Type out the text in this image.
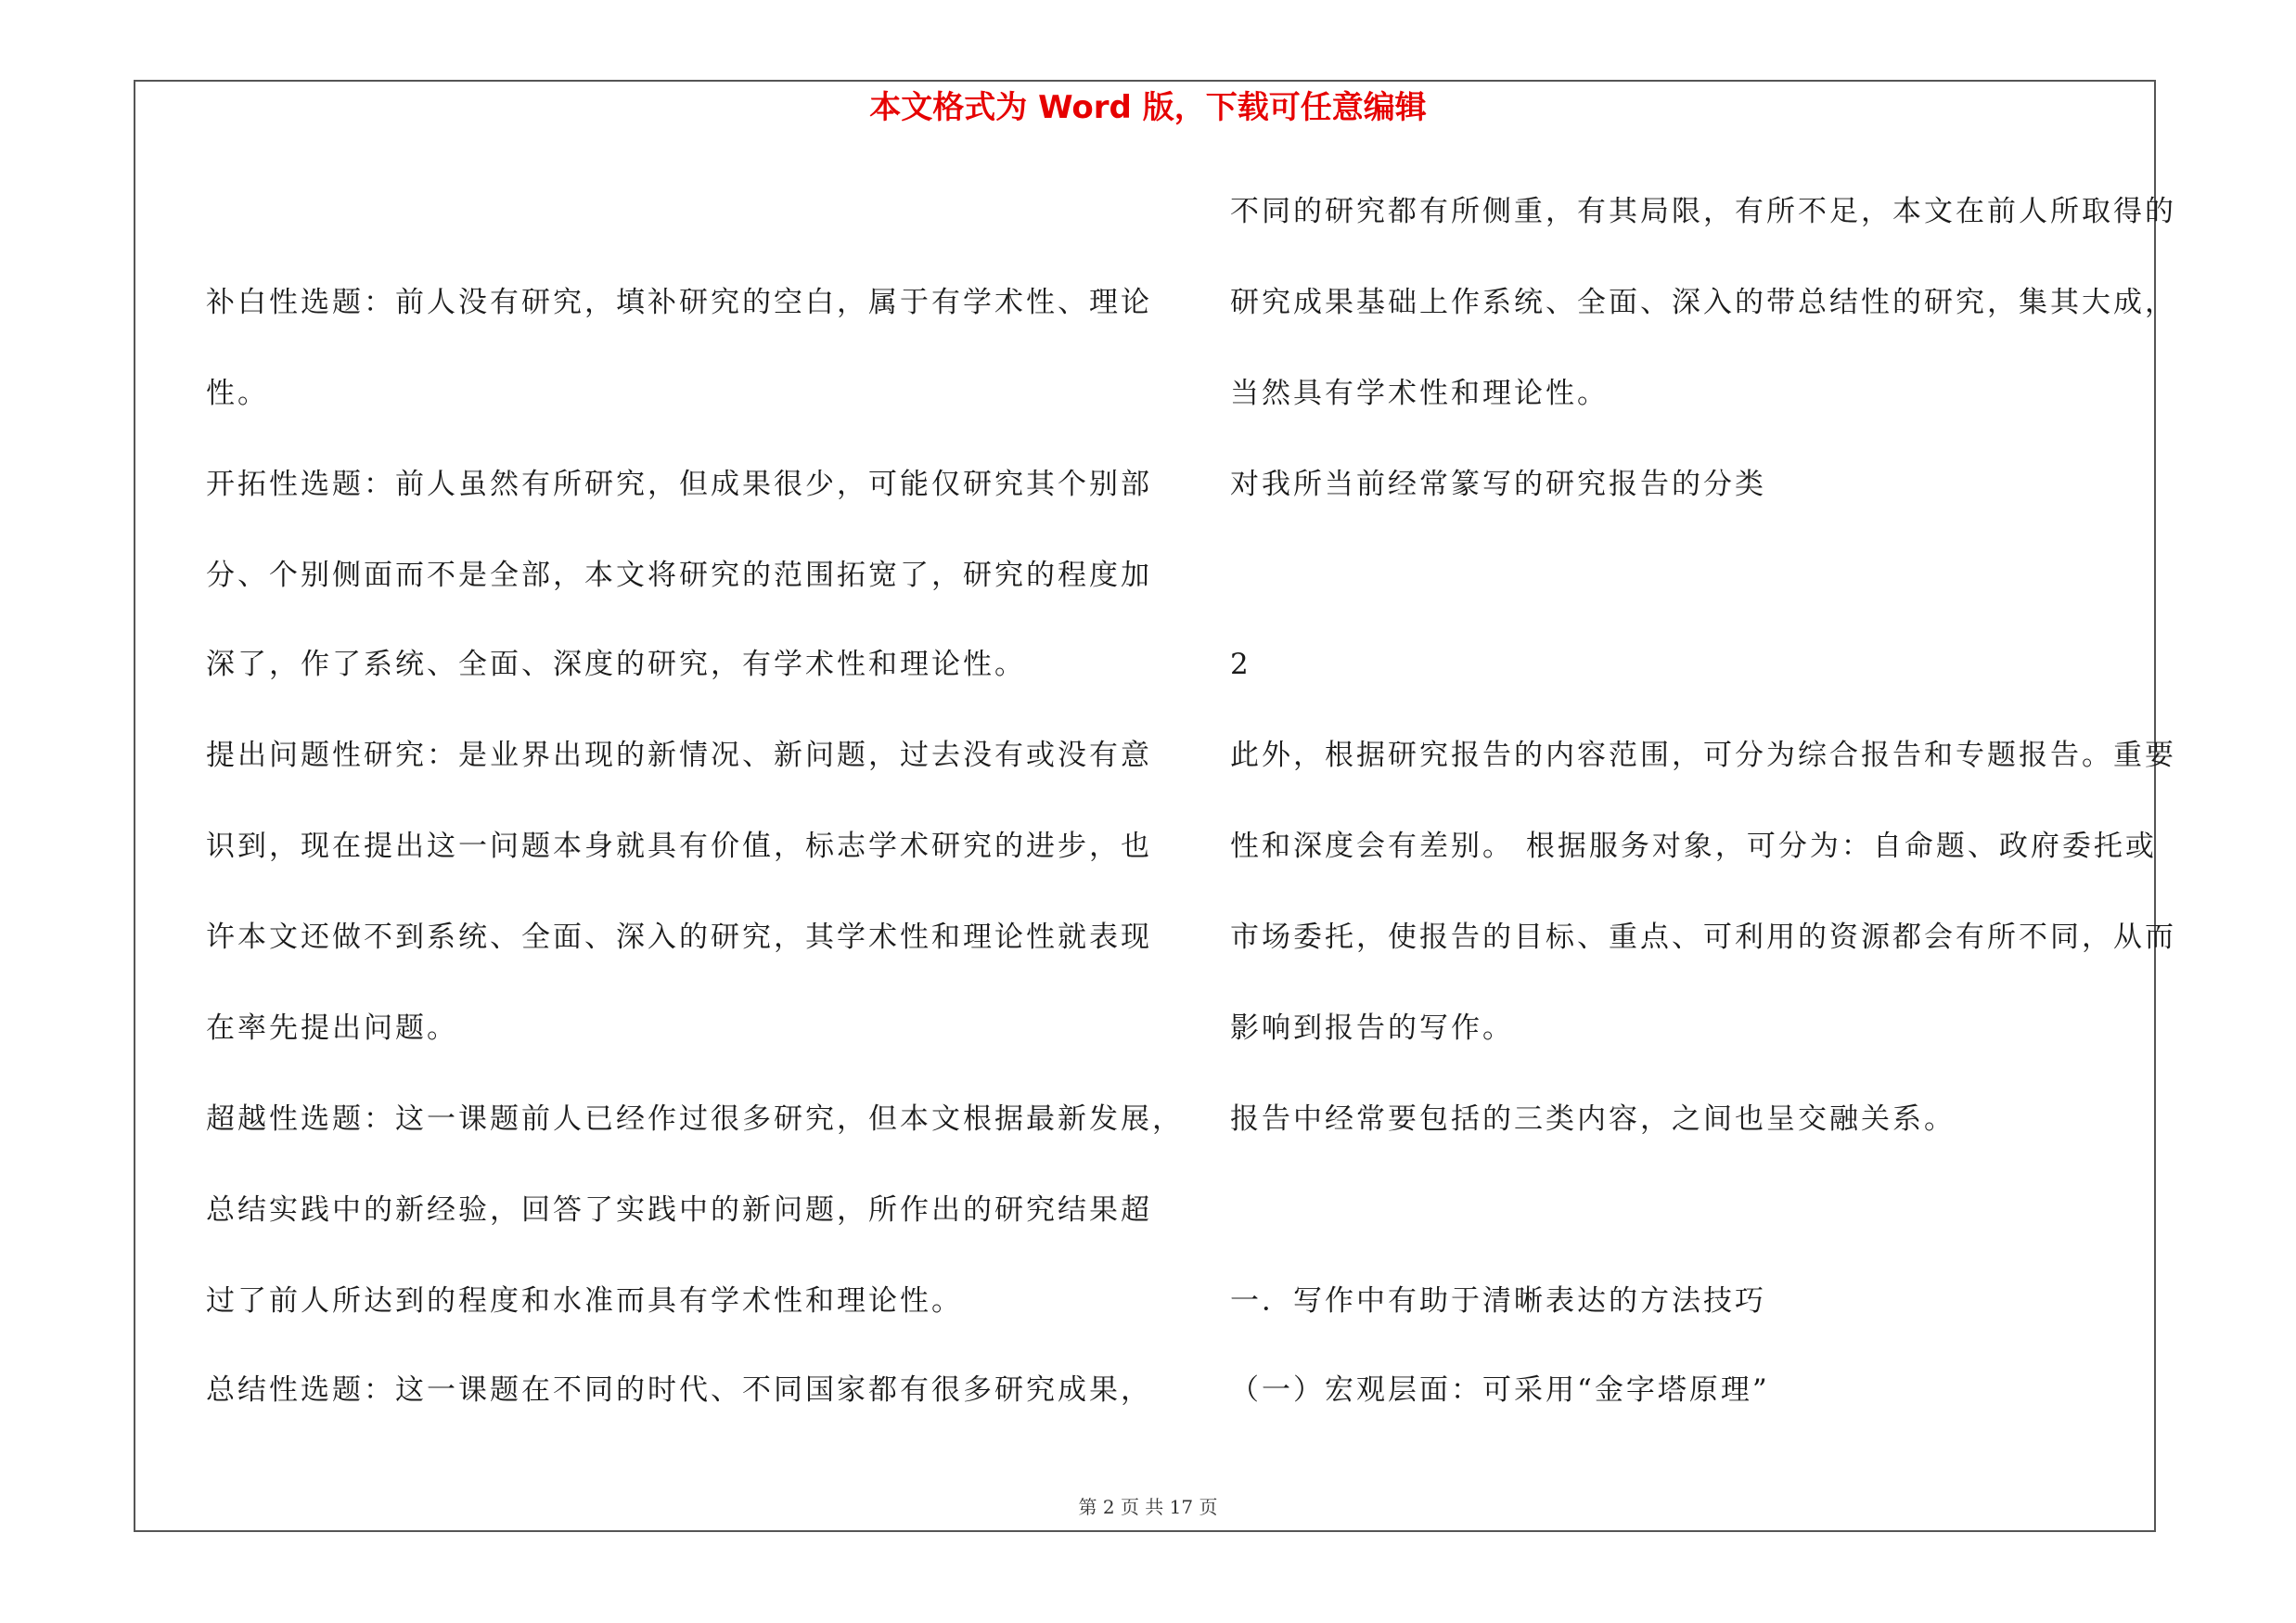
本文格式为 Word 版，下载可任意编辑
补白性选题：前人没有研究，填补研究的空白，属于有学术性、理论
性。
开拓性选题：前人虽然有所研究，但成果很少，可能仅研究其个别部
分、个别侧面而不是全部，本文将研究的范围拓宽了，研究的程度加
深了，作了系统、全面、深度的研究，有学术性和理论性。
提出问题性研究：是业界出现的新情况、新问题，过去没有或没有意
识到，现在提出这一问题本身就具有价值，标志学术研究的进步，也
许本文还做不到系统、全面、深入的研究，其学术性和理论性就表现
在率先提出问题。
超越性选题：这一课题前人已经作过很多研究，但本文根据最新发展，
总结实践中的新经验，回答了实践中的新问题，所作出的研究结果超
过了前人所达到的程度和水准而具有学术性和理论性。
总结性选题：这一课题在不同的时代、不同国家都有很多研究成果，
不同的研究都有所侧重，有其局限，有所不足，本文在前人所取得的
研究成果基础上作系统、全面、深入的带总结性的研究，集其大成，
当然具有学术性和理论性。
对我所当前经常篆写的研究报告的分类
2
此外，根据研究报告的内容范围，可分为综合报告和专题报告。重要
性和深度会有差别。 根据服务对象，可分为：自命题、政府委托或
市场委托，使报告的目标、重点、可利用的资源都会有所不同，从而
影响到报告的写作。
报告中经常要包括的三类内容，之间也呈交融关系。
一．写作中有助于清晰表达的方法技巧
（一）宏观层面：可采用“金字塔原理”
第 2 页 共 17 页
